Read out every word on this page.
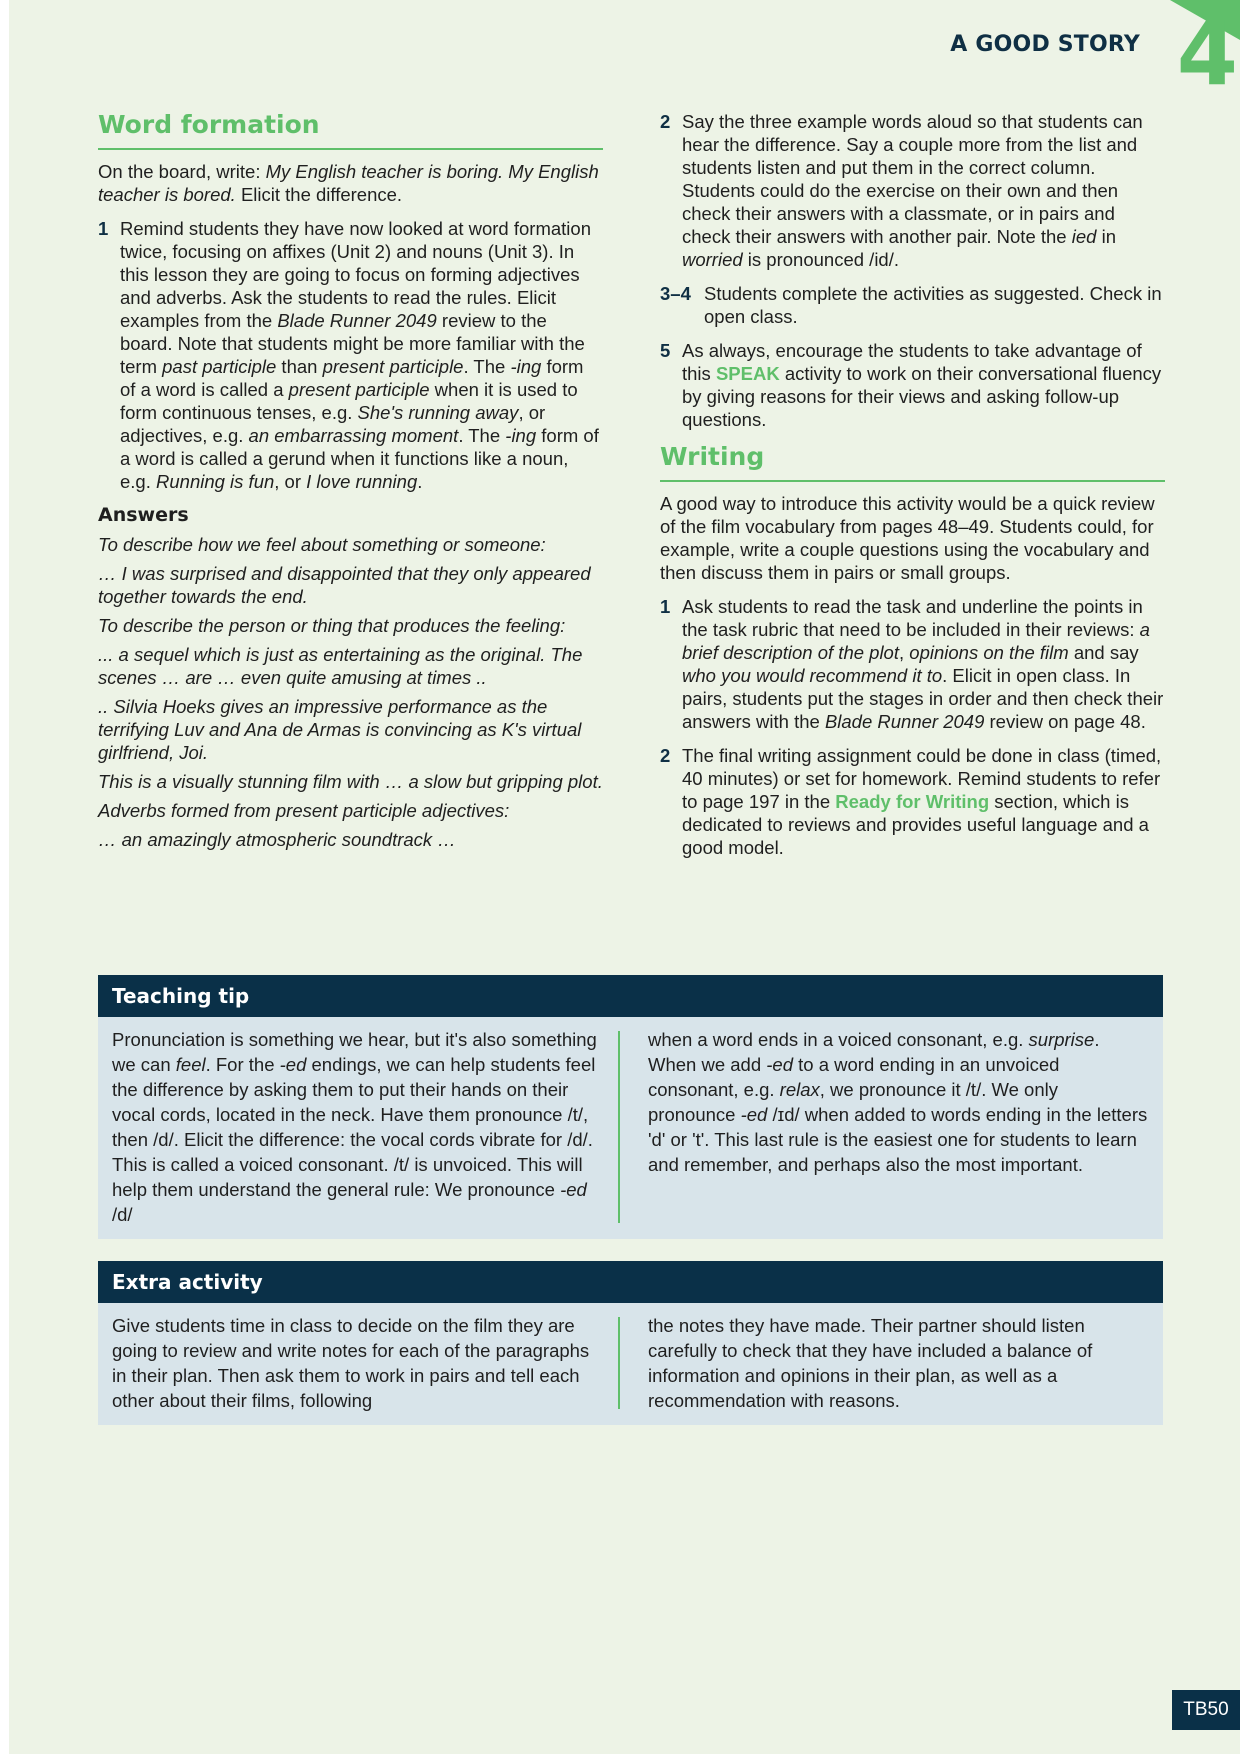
4
A GOOD STORY
Word formation

On the board, write: My English teacher is boring. My English teacher is bored. Elicit the difference.

1 Remind students they have now looked at word formation twice, focusing on affixes (Unit 2) and nouns (Unit 3). In this lesson they are going to focus on forming adjectives and adverbs. Ask the students to read the rules. Elicit examples from the Blade Runner 2049 review to the board. Note that students might be more familiar with the term past participle than present participle. The -ing form of a word is called a present participle when it is used to form continuous tenses, e.g. She's running away, or adjectives, e.g. an embarrassing moment. The -ing form of a word is called a gerund when it functions like a noun, e.g. Running is fun, or I love running.
Answers

To describe how we feel about something or someone:

… I was surprised and disappointed that they only appeared together towards the end.

To describe the person or thing that produces the feeling:

... a sequel which is just as entertaining as the original. The scenes … are … even quite amusing at times ..

.. Silvia Hoeks gives an impressive performance as the terrifying Luv and Ana de Armas is convincing as K's virtual girlfriend, Joi.

This is a visually stunning film with … a slow but gripping plot.

Adverbs formed from present participle adjectives:

… an amazingly atmospheric soundtrack …

2 Say the three example words aloud so that students can hear the difference. Say a couple more from the list and students listen and put them in the correct column. Students could do the exercise on their own and then check their answers with a classmate, or in pairs and check their answers with another pair. Note the ied in worried is pronounced /id/.
3–4 Students complete the activities as suggested. Check in open class.
5 As always, encourage the students to take advantage of this SPEAK activity to work on their conversational fluency by giving reasons for their views and asking follow-up questions.
Writing

A good way to introduce this activity would be a quick review of the film vocabulary from pages 48–49. Students could, for example, write a couple questions using the vocabulary and then discuss them in pairs or small groups.

1 Ask students to read the task and underline the points in the task rubric that need to be included in their reviews: a brief description of the plot, opinions on the film and say who you would recommend it to. Elicit in open class. In pairs, students put the stages in order and then check their answers with the Blade Runner 2049 review on page 48.
2 The final writing assignment could be done in class (timed, 40 minutes) or set for homework. Remind students to refer to page 197 in the Ready for Writing section, which is dedicated to reviews and provides useful language and a good model.
Teaching tip
Pronunciation is something we hear, but it's also something we can feel. For the -ed endings, we can help students feel the difference by asking them to put their hands on their vocal cords, located in the neck. Have them pronounce /t/, then /d/. Elicit the difference: the vocal cords vibrate for /d/. This is called a voiced consonant. /t/ is unvoiced. This will help them understand the general rule: We pronounce -ed /d/
when a word ends in a voiced consonant, e.g. surprise. When we add -ed to a word ending in an unvoiced consonant, e.g. relax, we pronounce it /t/. We only pronounce -ed /ɪd/ when added to words ending in the letters 'd' or 't'. This last rule is the easiest one for students to learn and remember, and perhaps also the most important.
Extra activity
Give students time in class to decide on the film they are going to review and write notes for each of the paragraphs in their plan. Then ask them to work in pairs and tell each other about their films, following
the notes they have made. Their partner should listen carefully to check that they have included a balance of information and opinions in their plan, as well as a recommendation with reasons.
TB50
